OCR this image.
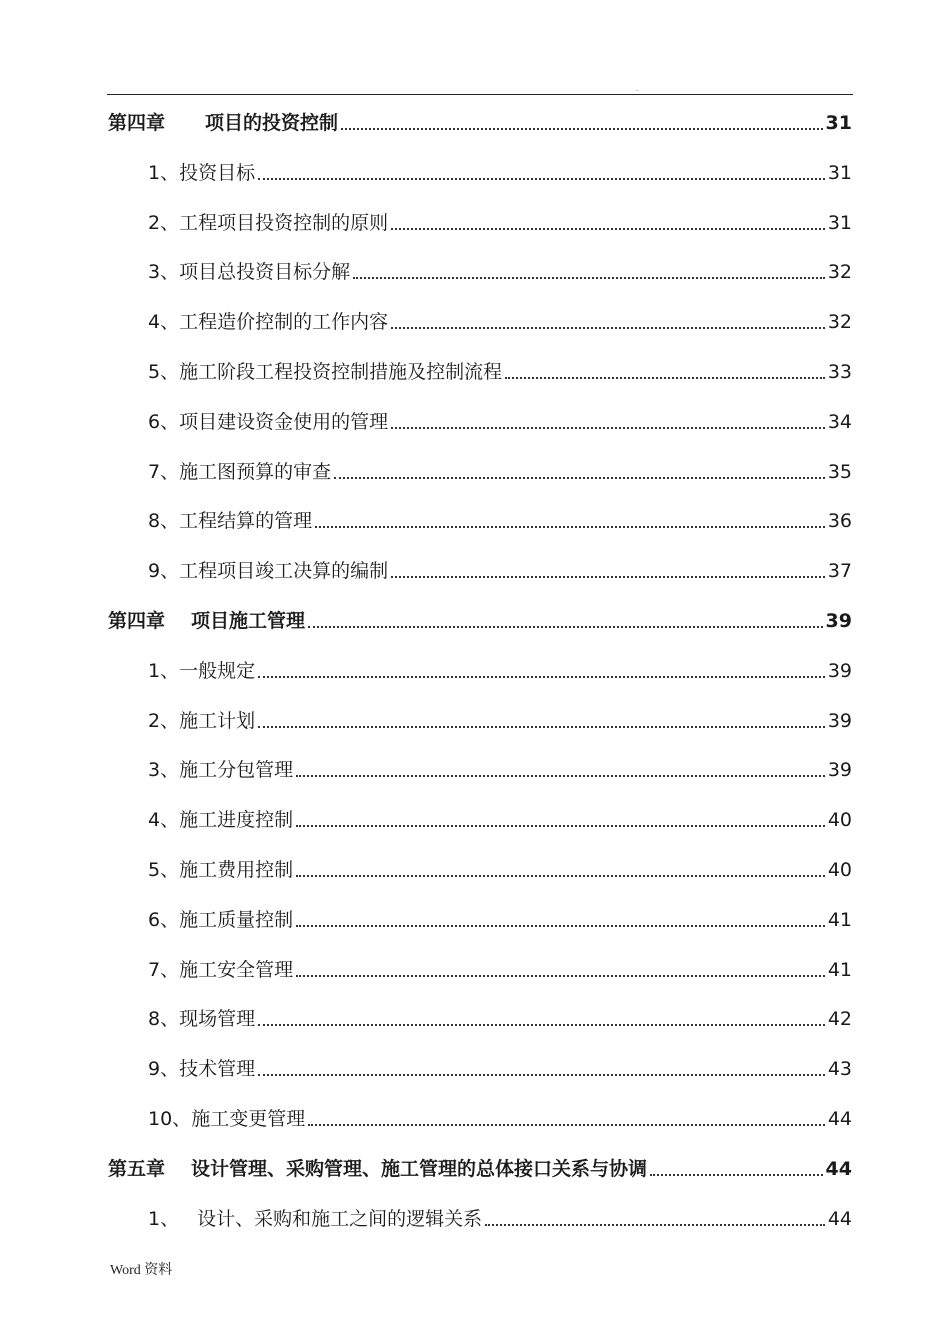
.
第四章 项目的投资控制	31
1、 投资目标	31
2、 工程项目投资控制的原则	31
3、 项目总投资目标分解	32
4、 工程造价控制的工作内容	32
5、 施工阶段工程投资控制措施及控制流程	33
6、 项目建设资金使用的管理	34
7、 施工图预算的审查	35
8、 工程结算的管理	36
9、 工程项目竣工决算的编制	37
第四章 项目施工管理	39
1、 一般规定	39
2、 施工计划	39
3、 施工分包管理	39
4、 施工进度控制	40
5、 施工费用控制	40
6、 施工质量控制	41
7、 施工安全管理	41
8、 现场管理	42
9、 技术管理	43
10、 施工变更管理	44
第五章 设计管理、采购管理、施工管理的总体接口关系与协调	44
1、 设计、采购和施工之间的逻辑关系	44
Word 资料
